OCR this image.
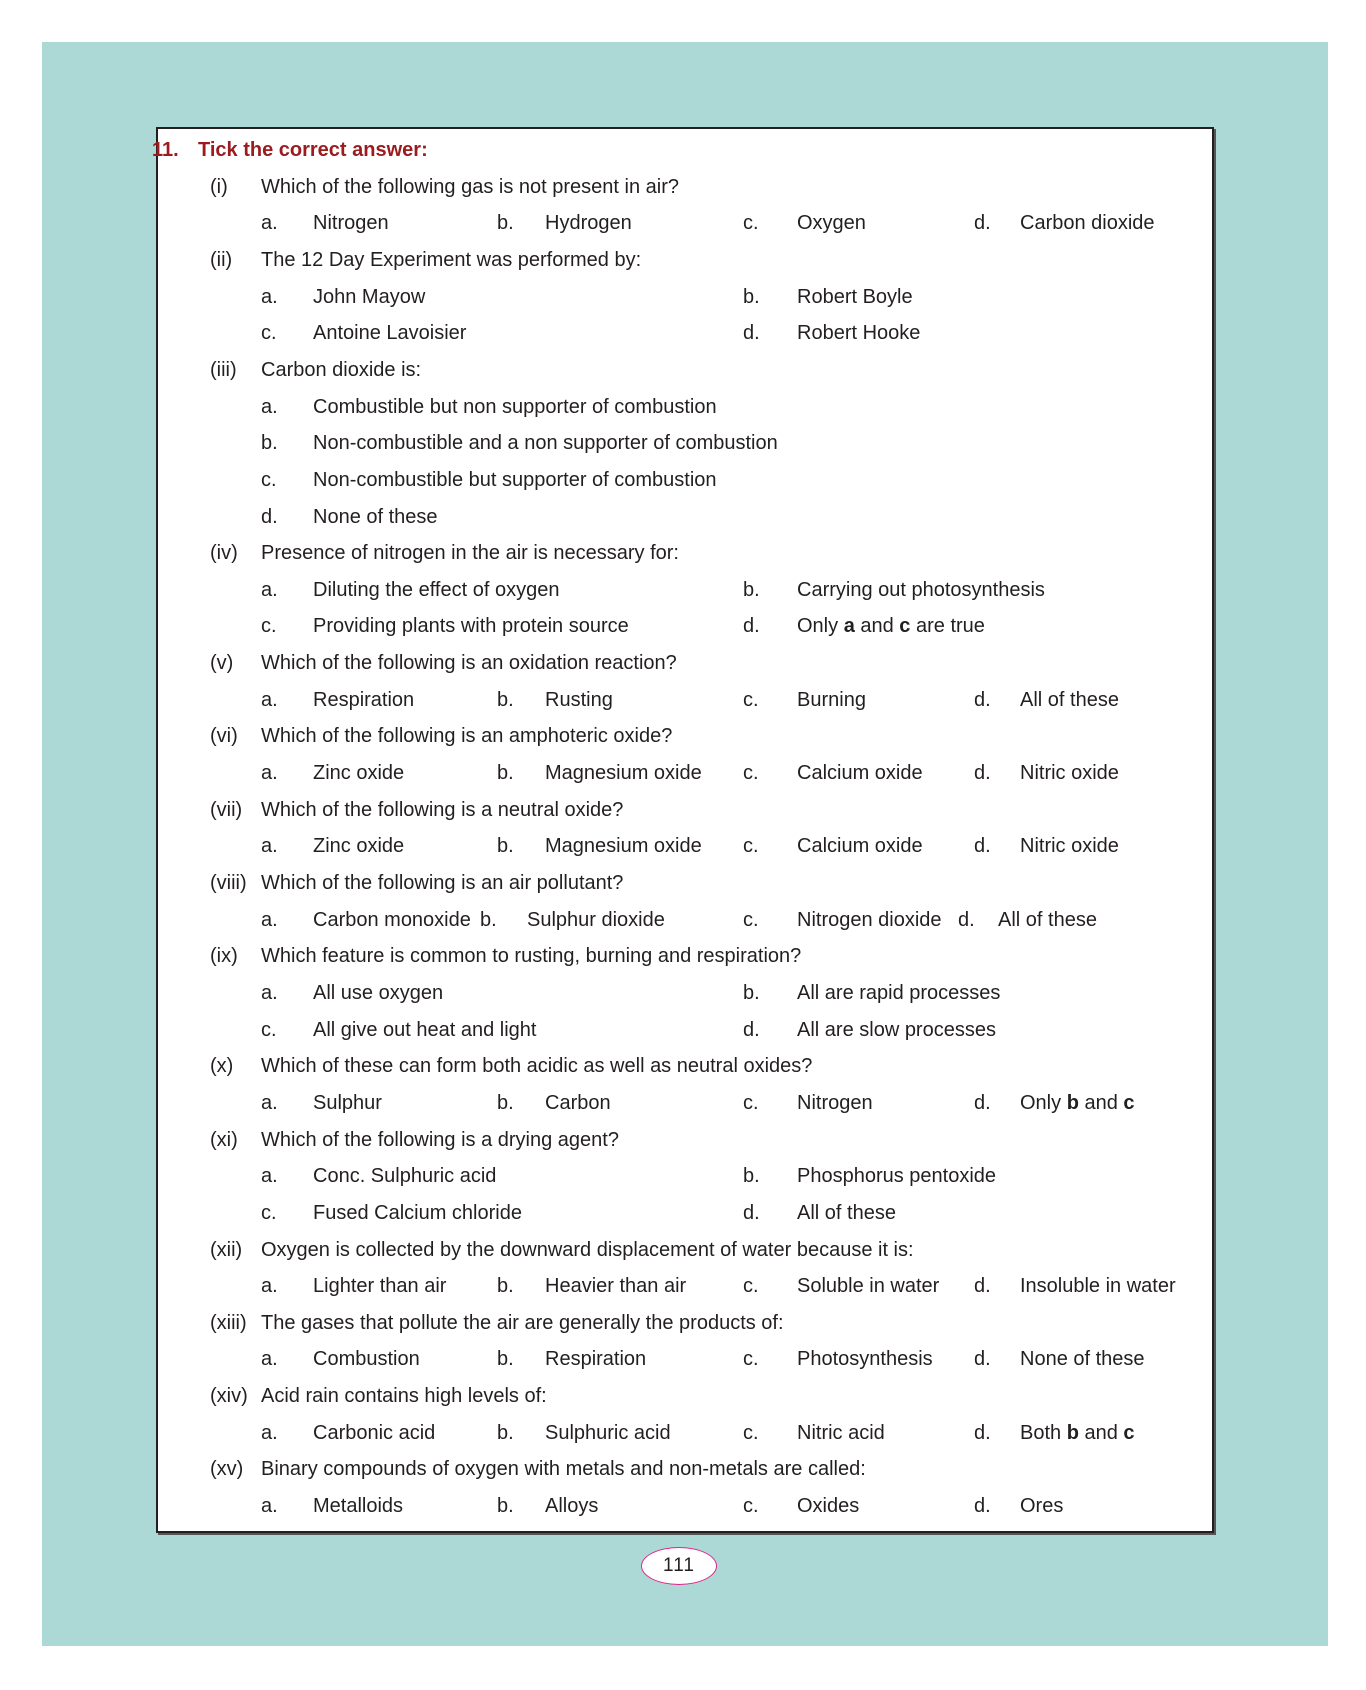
11. Tick the correct answer:
(i) Which of the following gas is not present in air?
a. Nitrogen	b. Hydrogen	c. Oxygen	d. Carbon dioxide
(ii) The 12 Day Experiment was performed by:
a. John Mayow	b. Robert Boyle
c. Antoine Lavoisier	d. Robert Hooke
(iii) Carbon dioxide is:
a. Combustible but non supporter of combustion
b. Non-combustible and a non supporter of combustion
c. Non-combustible but supporter of combustion
d. None of these
(iv) Presence of nitrogen in the air is necessary for:
a. Diluting the effect of oxygen	b. Carrying out photosynthesis
c. Providing plants with protein source	d. Only a and c are true
(v) Which of the following is an oxidation reaction?
a. Respiration	b. Rusting	c. Burning	d. All of these
(vi) Which of the following is an amphoteric oxide?
a. Zinc oxide	b. Magnesium oxide c. Calcium oxide	d. Nitric oxide
(vii) Which of the following is a neutral oxide?
a. Zinc oxide	b. Magnesium oxide c. Calcium oxide	d. Nitric oxide
(viii) Which of the following is an air pollutant?
a. Carbon monoxide b. Sulphur dioxide	c. Nitrogen dioxide d. All of these
(ix) Which feature is common to rusting, burning and respiration?
a. All use oxygen	b. All are rapid processes
c. All give out heat and light	d. All are slow processes
(x) Which of these can form both acidic as well as neutral oxides?
a. Sulphur	b. Carbon	c. Nitrogen	d. Only b and c
(xi) Which of the following is a drying agent?
a. Conc. Sulphuric acid	b. Phosphorus pentoxide
c. Fused Calcium chloride	d. All of these
(xii) Oxygen is collected by the downward displacement of water because it is:
a. Lighter than air	b. Heavier than air	c. Soluble in water d. Insoluble in water
(xiii) The gases that pollute the air are generally the products of:
a. Combustion	b. Respiration	c. Photosynthesis d. None of these
(xiv) Acid rain contains high levels of:
a. Carbonic acid	b. Sulphuric acid	c. Nitric acid	d. Both b and c
(xv) Binary compounds of oxygen with metals and non-metals are called:
a. Metalloids	b. Alloys	c. Oxides	d. Ores
111
